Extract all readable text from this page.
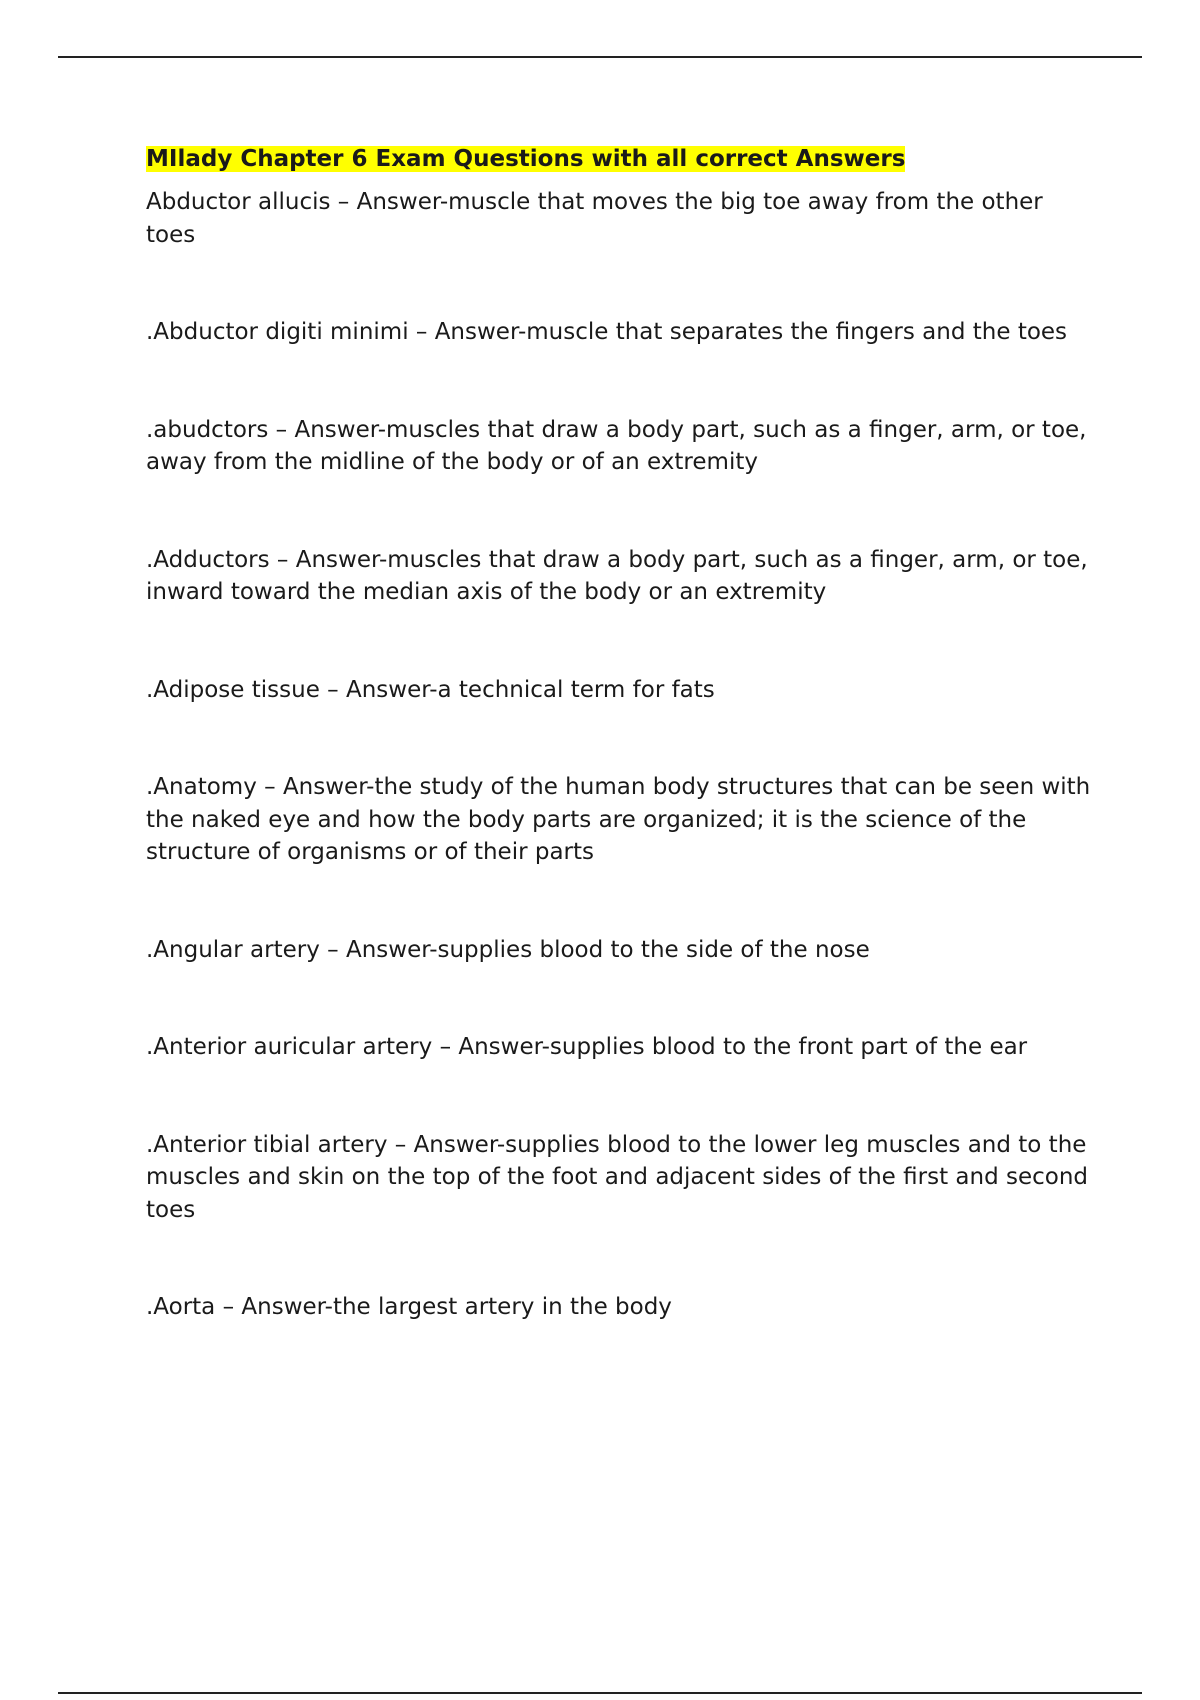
MIlady Chapter 6 Exam Questions with all correct Answers

Abductor allucis – Answer-muscle that moves the big toe away from the other toes

.Abductor digiti minimi – Answer-muscle that separates the fingers and the toes

.abudctors – Answer-muscles that draw a body part, such as a finger, arm, or toe, away from the midline of the body or of an extremity

.Adductors – Answer-muscles that draw a body part, such as a finger, arm, or toe, inward toward the median axis of the body or an extremity

.Adipose tissue – Answer-a technical term for fats

.Anatomy – Answer-the study of the human body structures that can be seen with the naked eye and how the body parts are organized; it is the science of the structure of organisms or of their parts

.Angular artery – Answer-supplies blood to the side of the nose

.Anterior auricular artery – Answer-supplies blood to the front part of the ear

.Anterior tibial artery – Answer-supplies blood to the lower leg muscles and to the muscles and skin on the top of the foot and adjacent sides of the first and second toes

.Aorta – Answer-the largest artery in the body
